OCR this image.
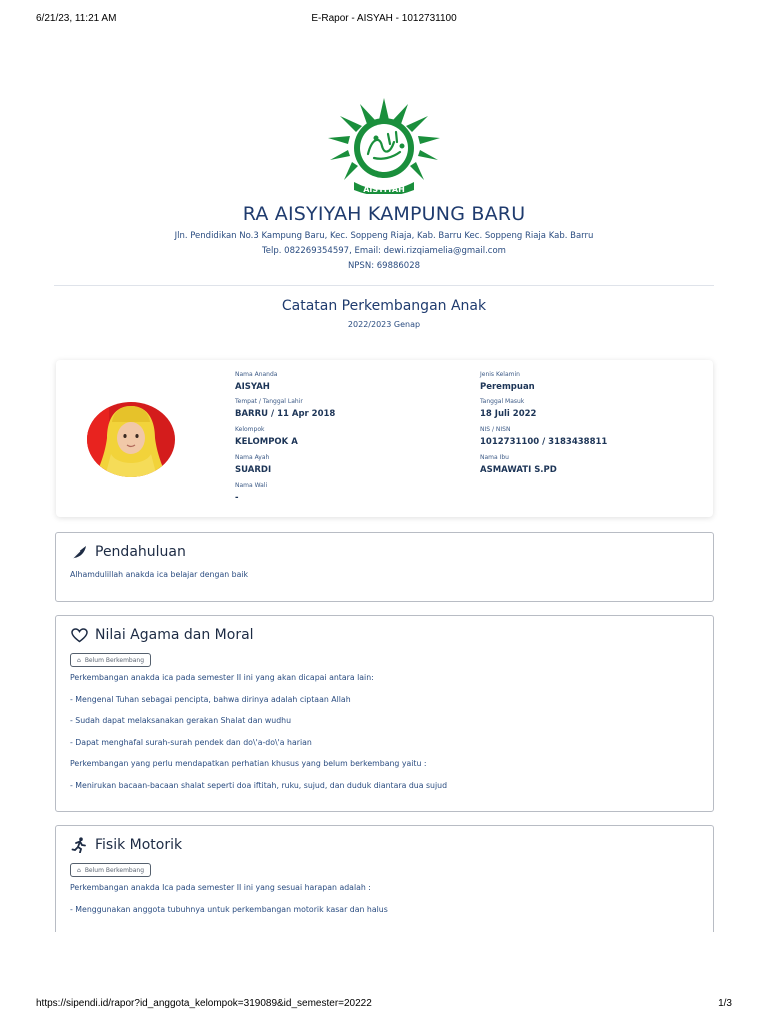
6/21/23, 11:21 AM	E-Rapor - AISYAH - 1012731100
AISYIYAH
RA AISYIYAH KAMPUNG BARU
Jln. Pendidikan No.3 Kampung Baru, Kec. Soppeng Riaja, Kab. Barru Kec. Soppeng Riaja Kab. Barru
Telp. 082269354597, Email: dewi.rizqiamelia@gmail.com
NPSN: 69886028
Catatan Perkembangan Anak
2022/2023 Genap
Nama Ananda
AISYAH
Tempat / Tanggal Lahir
BARRU / 11 Apr 2018
Kelompok
KELOMPOK A
Nama Ayah
SUARDI
Nama Wali
-
Jenis Kelamin
Perempuan
Tanggal Masuk
18 Juli 2022
NIS / NISN
1012731100 / 3183438811
Nama Ibu
ASMAWATI S.PD
Pendahuluan
Alhamdulillah anakda ica belajar dengan baik
Nilai Agama dan Moral
⌂ Belum Berkembang
Perkembangan anakda ica pada semester II ini yang akan dicapai antara lain:
- Mengenal Tuhan sebagai pencipta, bahwa dirinya adalah ciptaan Allah
- Sudah dapat melaksanakan gerakan Shalat dan wudhu
- Dapat menghafal surah-surah pendek dan do\'a-do\'a harian
Perkembangan yang perlu mendapatkan perhatian khusus yang belum berkembang yaitu :
- Menirukan bacaan-bacaan shalat seperti doa iftitah, ruku, sujud, dan duduk diantara dua sujud
Fisik Motorik
⌂ Belum Berkembang
Perkembangan anakda Ica pada semester II ini yang sesuai harapan adalah :
- Menggunakan anggota tubuhnya untuk perkembangan motorik kasar dan halus
https://sipendi.id/rapor?id_anggota_kelompok=319089&id_semester=20222	1/3
